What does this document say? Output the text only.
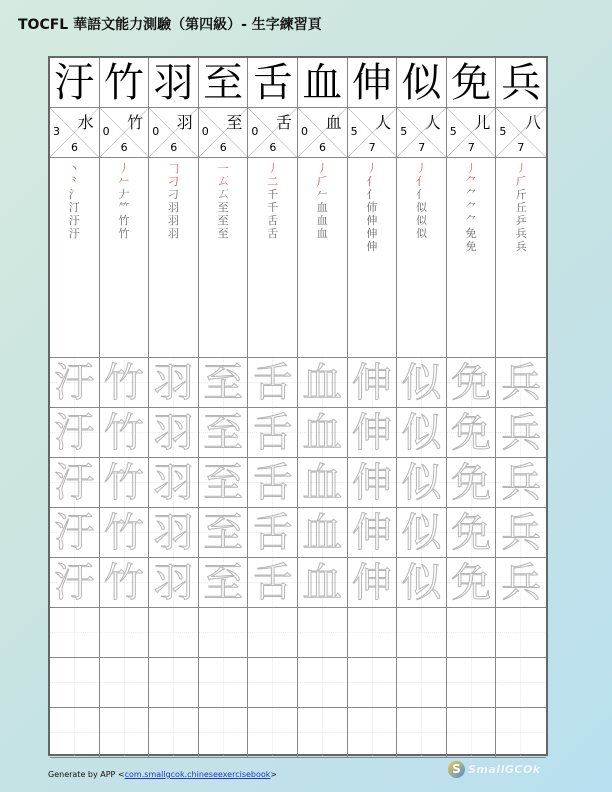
TOCFL 華語文能力測驗（第四級）- 生字練習頁
汙 竹 羽 至 舌 血 伸 似 免 兵
水
3
6
竹
0
6
羽
0
6
至
0
6
舌
0
6
血
0
6
人
5
7
人
5
7
儿
5
7
八
5
7
丶
⺀
氵
汀
汙
汙
丿
𠂉
𠂇
⺮
竹
竹
𠃌
刁
刁
羽
羽
羽
一
𠫔
𠫔
至
至
至
丿
二
千
千
舌
舌
丿
𠂆
𠂉
血
血
血
丿
亻
亻
伂
伸
伸
伸
丿
亻
亻
似
似
似
丿
⺈
⺈
⺈
⺈
免
免
丿
𠂆
斤
丘
乒
兵
兵
汙 竹 羽 至 舌 血 伸 似 免 兵
汙 竹 羽 至 舌 血 伸 似 免 兵
汙 竹 羽 至 舌 血 伸 似 免 兵
汙 竹 羽 至 舌 血 伸 似 免 兵
汙 竹 羽 至 舌 血 伸 似 免 兵
Generate by APP <com.smallgcok.chineseexercisebook>	S SmallGCOk
